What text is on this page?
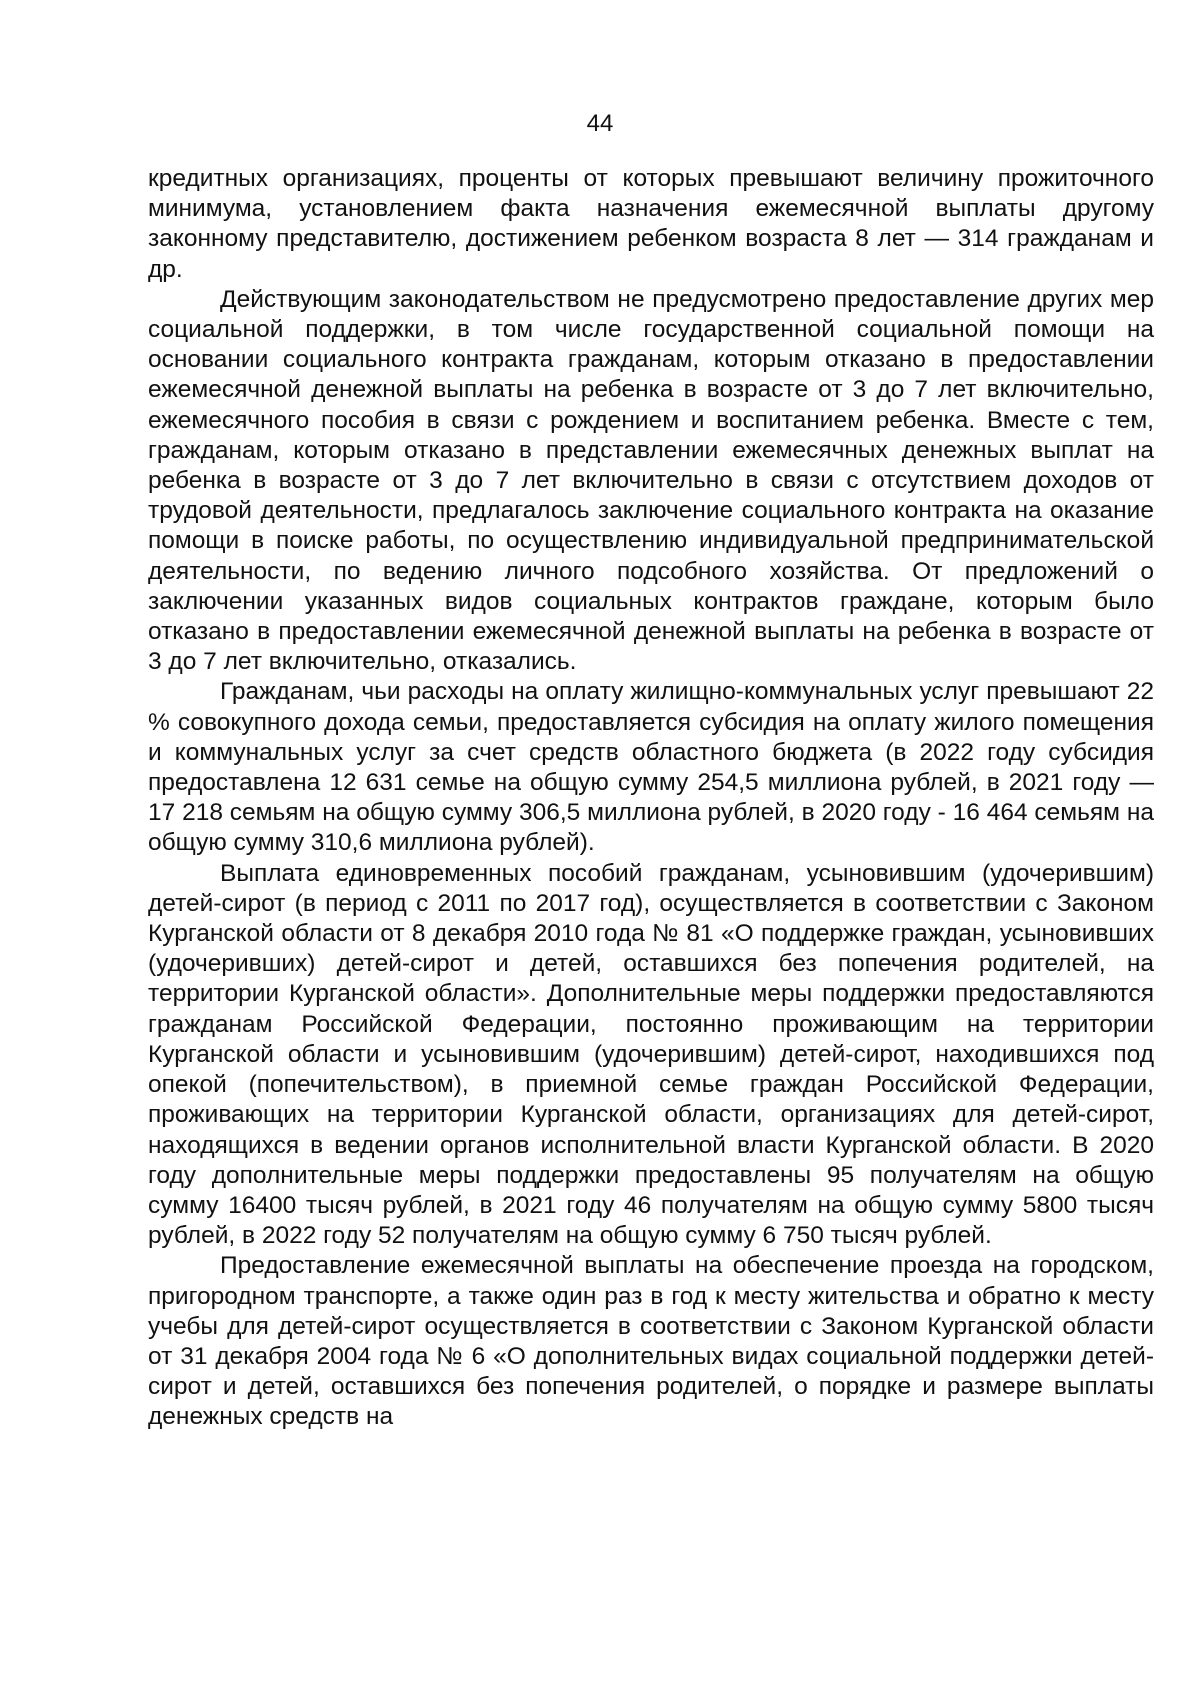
44

кредитных организациях, проценты от которых превышают величину прожиточного минимума, установлением факта назначения ежемесячной выплаты другому законному представителю, достижением ребенком возраста 8 лет — 314 гражданам и др.

Действующим законодательством не предусмотрено предоставление других мер социальной поддержки, в том числе государственной социальной помощи на основании социального контракта гражданам, которым отказано в предоставлении ежемесячной денежной выплаты на ребенка в возрасте от 3 до 7 лет включительно, ежемесячного пособия в связи с рождением и воспитанием ребенка. Вместе с тем, гражданам, которым отказано в представлении ежемесячных денежных выплат на ребенка в возрасте от 3 до 7 лет включительно в связи с отсутствием доходов от трудовой деятельности, предлагалось заключение социального контракта на оказание помощи в поиске работы, по осуществлению индивидуальной предпринимательской деятельности, по ведению личного подсобного хозяйства. От предложений о заключении указанных видов социальных контрактов граждане, которым было отказано в предоставлении ежемесячной денежной выплаты на ребенка в возрасте от 3 до 7 лет включительно, отказались.

Гражданам, чьи расходы на оплату жилищно-коммунальных услуг превышают 22 % совокупного дохода семьи, предоставляется субсидия на оплату жилого помещения и коммунальных услуг за счет средств областного бюджета (в 2022 году субсидия предоставлена 12 631 семье на общую сумму 254,5 миллиона рублей, в 2021 году — 17 218 семьям на общую сумму 306,5 миллиона рублей, в 2020 году - 16 464 семьям на общую сумму 310,6 миллиона рублей).

Выплата единовременных пособий гражданам, усыновившим (удочерившим) детей-сирот (в период с 2011 по 2017 год), осуществляется в соответствии с Законом Курганской области от 8 декабря 2010 года № 81 «О поддержке граждан, усыновивших (удочеривших) детей-сирот и детей, оставшихся без попечения родителей, на территории Курганской области». Дополнительные меры поддержки предоставляются гражданам Российской Федерации, постоянно проживающим на территории Курганской области и усыновившим (удочерившим) детей-сирот, находившихся под опекой (попечительством), в приемной семье граждан Российской Федерации, проживающих на территории Курганской области, организациях для детей-сирот, находящихся в ведении органов исполнительной власти Курганской области. В 2020 году дополнительные меры поддержки предоставлены 95 получателям на общую сумму 16400 тысяч рублей, в 2021 году 46 получателям на общую сумму 5800 тысяч рублей, в 2022 году 52 получателям на общую сумму 6 750 тысяч рублей.

Предоставление ежемесячной выплаты на обеспечение проезда на городском, пригородном транспорте, а также один раз в год к месту жительства и обратно к месту учебы для детей-сирот осуществляется в соответствии с Законом Курганской области от 31 декабря 2004 года № 6 «О дополнительных видах социальной поддержки детей-сирот и детей, оставшихся без попечения родителей, о порядке и размере выплаты денежных средств на
